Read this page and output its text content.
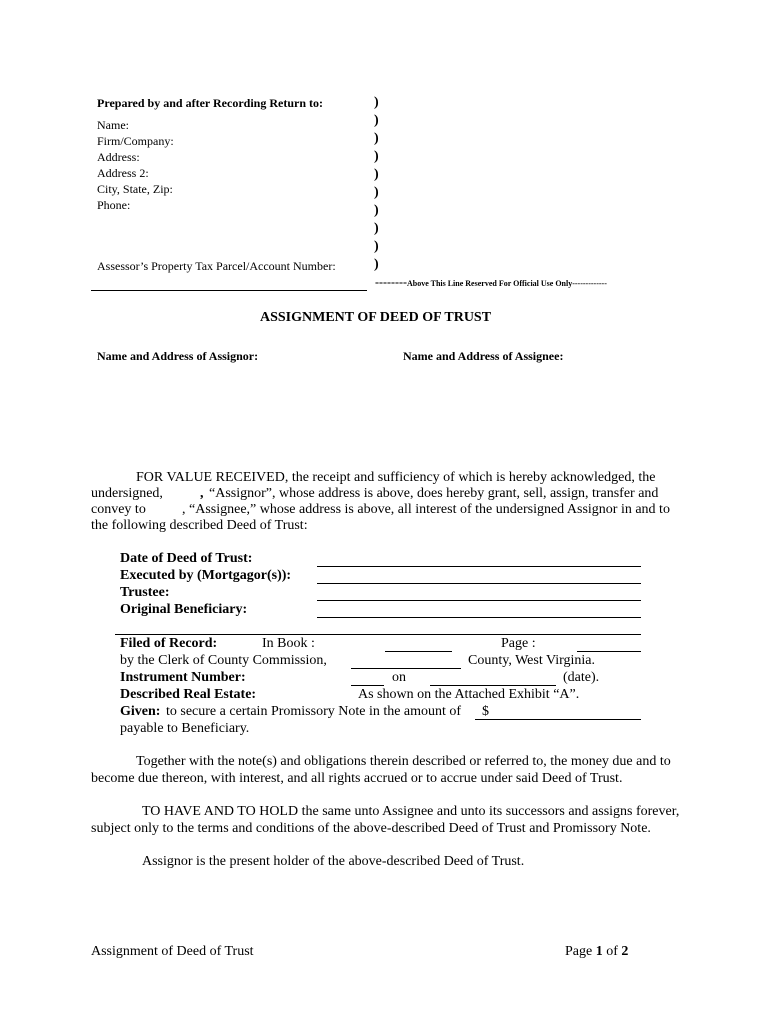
Prepared by and after Recording Return to:
Name:
Firm/Company:
Address:
Address 2:
City, State, Zip:
Phone:
Assessor’s Property Tax Parcel/Account Number:
)
)
)
)
)
)
)
)
)
)
--------Above This Line Reserved For Official Use Only-------------
ASSIGNMENT OF DEED OF TRUST
Name and Address of Assignor:	Name and Address of Assignee:
FOR VALUE RECEIVED, the receipt and sufficiency of which is hereby acknowledged, the
undersigned,	, “Assignor”, whose address is above, does hereby grant, sell, assign, transfer and
convey to	, “Assignee,” whose address is above, all interest of the undersigned Assignor in and to
the following described Deed of Trust:
Date of Deed of Trust:
Executed by (Mortgagor(s)):
Trustee:
Original Beneficiary:
Filed of Record:	In Book :	Page :
by the Clerk of County Commission,	County, West Virginia.
Instrument Number:	on	(date).
Described Real Estate:	As shown on the Attached Exhibit “A”.
Given: to secure a certain Promissory Note in the amount of $
payable to Beneficiary.
Together with the note(s) and obligations therein described or referred to, the money due and to
become due thereon, with interest, and all rights accrued or to accrue under said Deed of Trust.
TO HAVE AND TO HOLD the same unto Assignee and unto its successors and assigns forever,
subject only to the terms and conditions of the above-described Deed of Trust and Promissory Note.
Assignor is the present holder of the above-described Deed of Trust.
Assignment of Deed of Trust	Page 1 of 2
